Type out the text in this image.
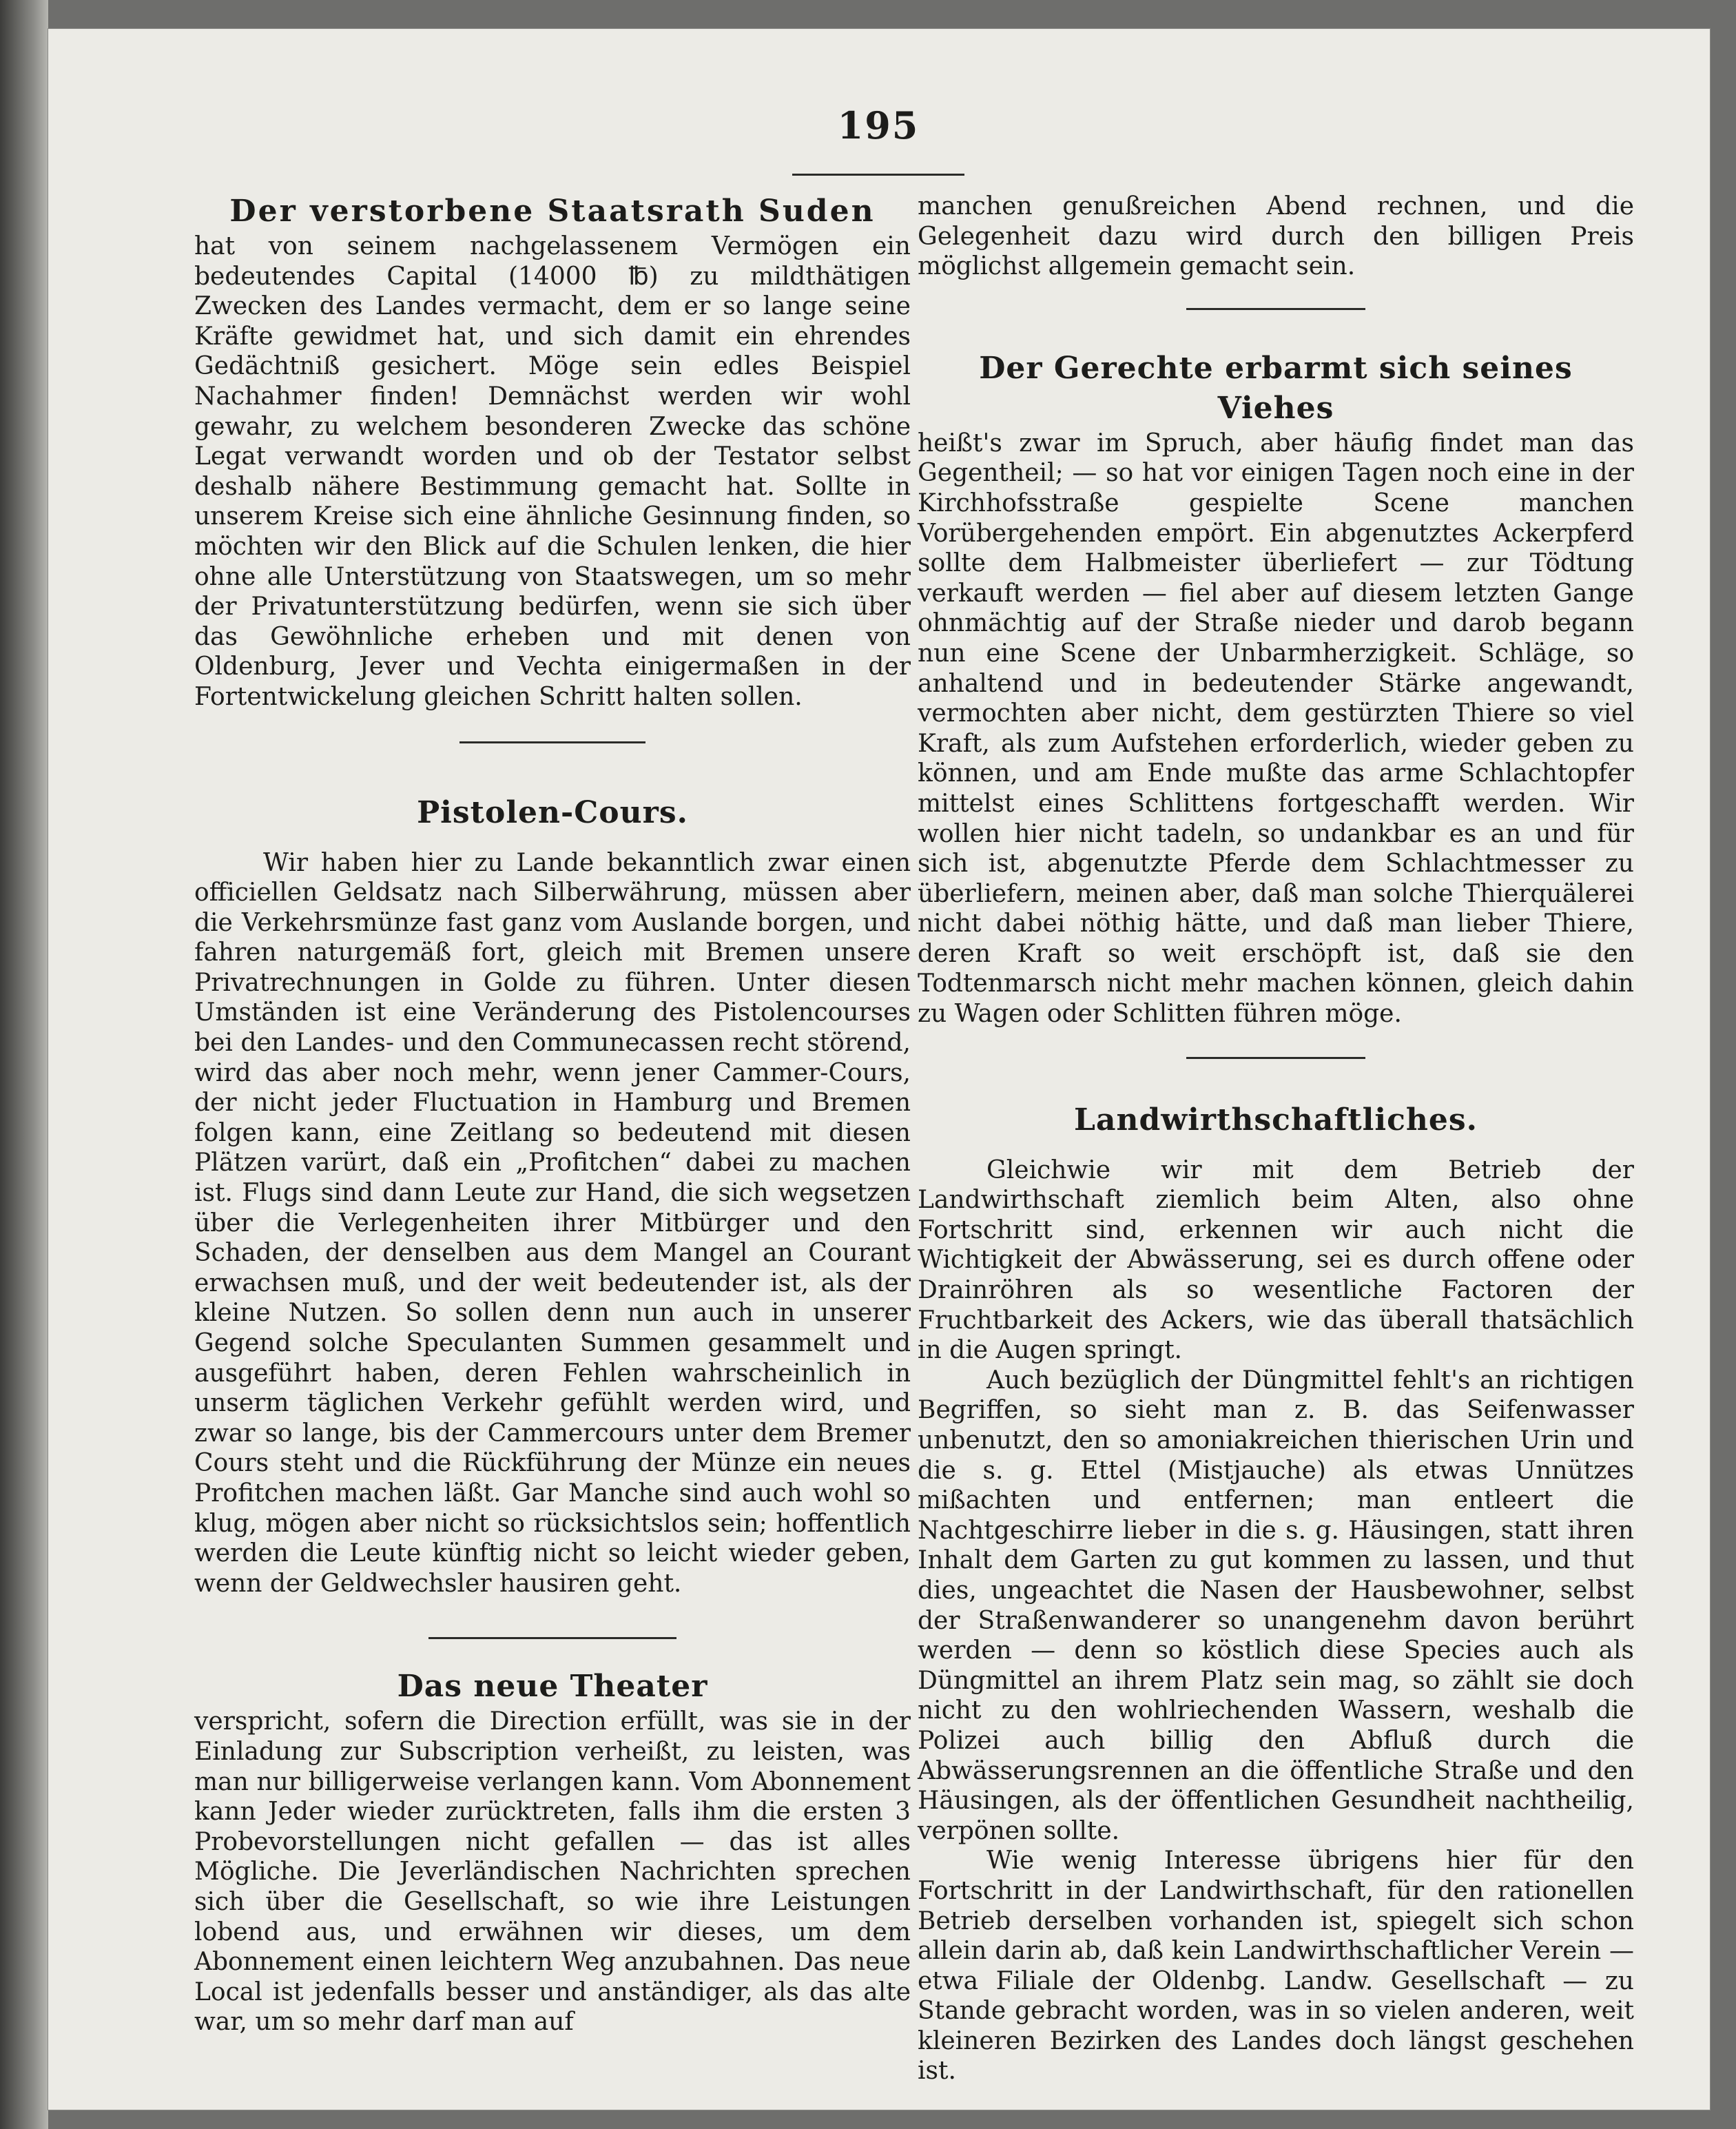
195
Der verstorbene Staatsrath Suden

hat von seinem nachgelassenem Vermögen ein bedeutendes Capital (14000 ℔) zu mildthätigen Zwecken des Landes vermacht, dem er so lange seine Kräfte gewidmet hat, und sich damit ein ehrendes Gedächtniß gesichert. Möge sein edles Beispiel Nachahmer finden! Demnächst werden wir wohl gewahr, zu welchem besonderen Zwecke das schöne Legat verwandt worden und ob der Testator selbst deshalb nähere Bestimmung gemacht hat. Sollte in unserem Kreise sich eine ähnliche Gesinnung finden, so möchten wir den Blick auf die Schulen lenken, die hier ohne alle Unterstützung von Staatswegen, um so mehr der Privatunterstützung bedürfen, wenn sie sich über das Gewöhnliche erheben und mit denen von Oldenburg, Jever und Vechta einigermaßen in der Fortentwickelung gleichen Schritt halten sollen.

Pistolen-Cours.

Wir haben hier zu Lande bekanntlich zwar einen officiellen Geldsatz nach Silberwährung, müssen aber die Verkehrsmünze fast ganz vom Auslande borgen, und fahren naturgemäß fort, gleich mit Bremen unsere Privatrechnungen in Golde zu führen. Unter diesen Umständen ist eine Veränderung des Pistolencourses bei den Landes- und den Communecassen recht störend, wird das aber noch mehr, wenn jener Cammer-Cours, der nicht jeder Fluctuation in Hamburg und Bremen folgen kann, eine Zeitlang so bedeutend mit diesen Plätzen varürt, daß ein „Profitchen“ dabei zu machen ist. Flugs sind dann Leute zur Hand, die sich wegsetzen über die Verlegenheiten ihrer Mitbürger und den Schaden, der denselben aus dem Mangel an Courant erwachsen muß, und der weit bedeutender ist, als der kleine Nutzen. So sollen denn nun auch in unserer Gegend solche Speculanten Summen gesammelt und ausgeführt haben, deren Fehlen wahrscheinlich in unserm täglichen Verkehr gefühlt werden wird, und zwar so lange, bis der Cammercours unter dem Bremer Cours steht und die Rückführung der Münze ein neues Profitchen machen läßt. Gar Manche sind auch wohl so klug, mögen aber nicht so rücksichtslos sein; hoffentlich werden die Leute künftig nicht so leicht wieder geben, wenn der Geldwechsler hausiren geht.

Das neue Theater

verspricht, sofern die Direction erfüllt, was sie in der Einladung zur Subscription verheißt, zu leisten, was man nur billigerweise verlangen kann. Vom Abonnement kann Jeder wieder zurücktreten, falls ihm die ersten 3 Probevorstellungen nicht gefallen — das ist alles Mögliche. Die Jeverländischen Nachrichten sprechen sich über die Gesellschaft, so wie ihre Leistungen lobend aus, und erwähnen wir dieses, um dem Abonnement einen leichtern Weg anzubahnen. Das neue Local ist jedenfalls besser und anständiger, als das alte war, um so mehr darf man auf

manchen genußreichen Abend rechnen, und die Gelegenheit dazu wird durch den billigen Preis möglichst allgemein gemacht sein.

Der Gerechte erbarmt sich seines Viehes

heißt's zwar im Spruch, aber häufig findet man das Gegentheil; — so hat vor einigen Tagen noch eine in der Kirchhofsstraße gespielte Scene manchen Vorübergehenden empört. Ein abgenutztes Ackerpferd sollte dem Halbmeister überliefert — zur Tödtung verkauft werden — fiel aber auf diesem letzten Gange ohnmächtig auf der Straße nieder und darob begann nun eine Scene der Unbarmherzigkeit. Schläge, so anhaltend und in bedeutender Stärke angewandt, vermochten aber nicht, dem gestürzten Thiere so viel Kraft, als zum Aufstehen erforderlich, wieder geben zu können, und am Ende mußte das arme Schlachtopfer mittelst eines Schlittens fortgeschafft werden. Wir wollen hier nicht tadeln, so undankbar es an und für sich ist, abgenutzte Pferde dem Schlachtmesser zu überliefern, meinen aber, daß man solche Thierquälerei nicht dabei nöthig hätte, und daß man lieber Thiere, deren Kraft so weit erschöpft ist, daß sie den Todtenmarsch nicht mehr machen können, gleich dahin zu Wagen oder Schlitten führen möge.

Landwirthschaftliches.

Gleichwie wir mit dem Betrieb der Landwirthschaft ziemlich beim Alten, also ohne Fortschritt sind, erkennen wir auch nicht die Wichtigkeit der Abwässerung, sei es durch offene oder Drainröhren als so wesentliche Factoren der Fruchtbarkeit des Ackers, wie das überall thatsächlich in die Augen springt.

Auch bezüglich der Düngmittel fehlt's an richtigen Begriffen, so sieht man z. B. das Seifenwasser unbenutzt, den so amoniakreichen thierischen Urin und die s. g. Ettel (Mistjauche) als etwas Unnützes mißachten und entfernen; man entleert die Nachtgeschirre lieber in die s. g. Häusingen, statt ihren Inhalt dem Garten zu gut kommen zu lassen, und thut dies, ungeachtet die Nasen der Hausbewohner, selbst der Straßenwanderer so unangenehm davon berührt werden — denn so köstlich diese Species auch als Düngmittel an ihrem Platz sein mag, so zählt sie doch nicht zu den wohlriechenden Wassern, weshalb die Polizei auch billig den Abfluß durch die Abwässerungsrennen an die öffentliche Straße und den Häusingen, als der öffentlichen Gesundheit nachtheilig, verpönen sollte.

Wie wenig Interesse übrigens hier für den Fortschritt in der Landwirthschaft, für den rationellen Betrieb derselben vorhanden ist, spiegelt sich schon allein darin ab, daß kein Landwirthschaftlicher Verein — etwa Filiale der Oldenbg. Landw. Gesellschaft — zu Stande gebracht worden, was in so vielen anderen, weit kleineren Bezirken des Landes doch längst geschehen ist.
